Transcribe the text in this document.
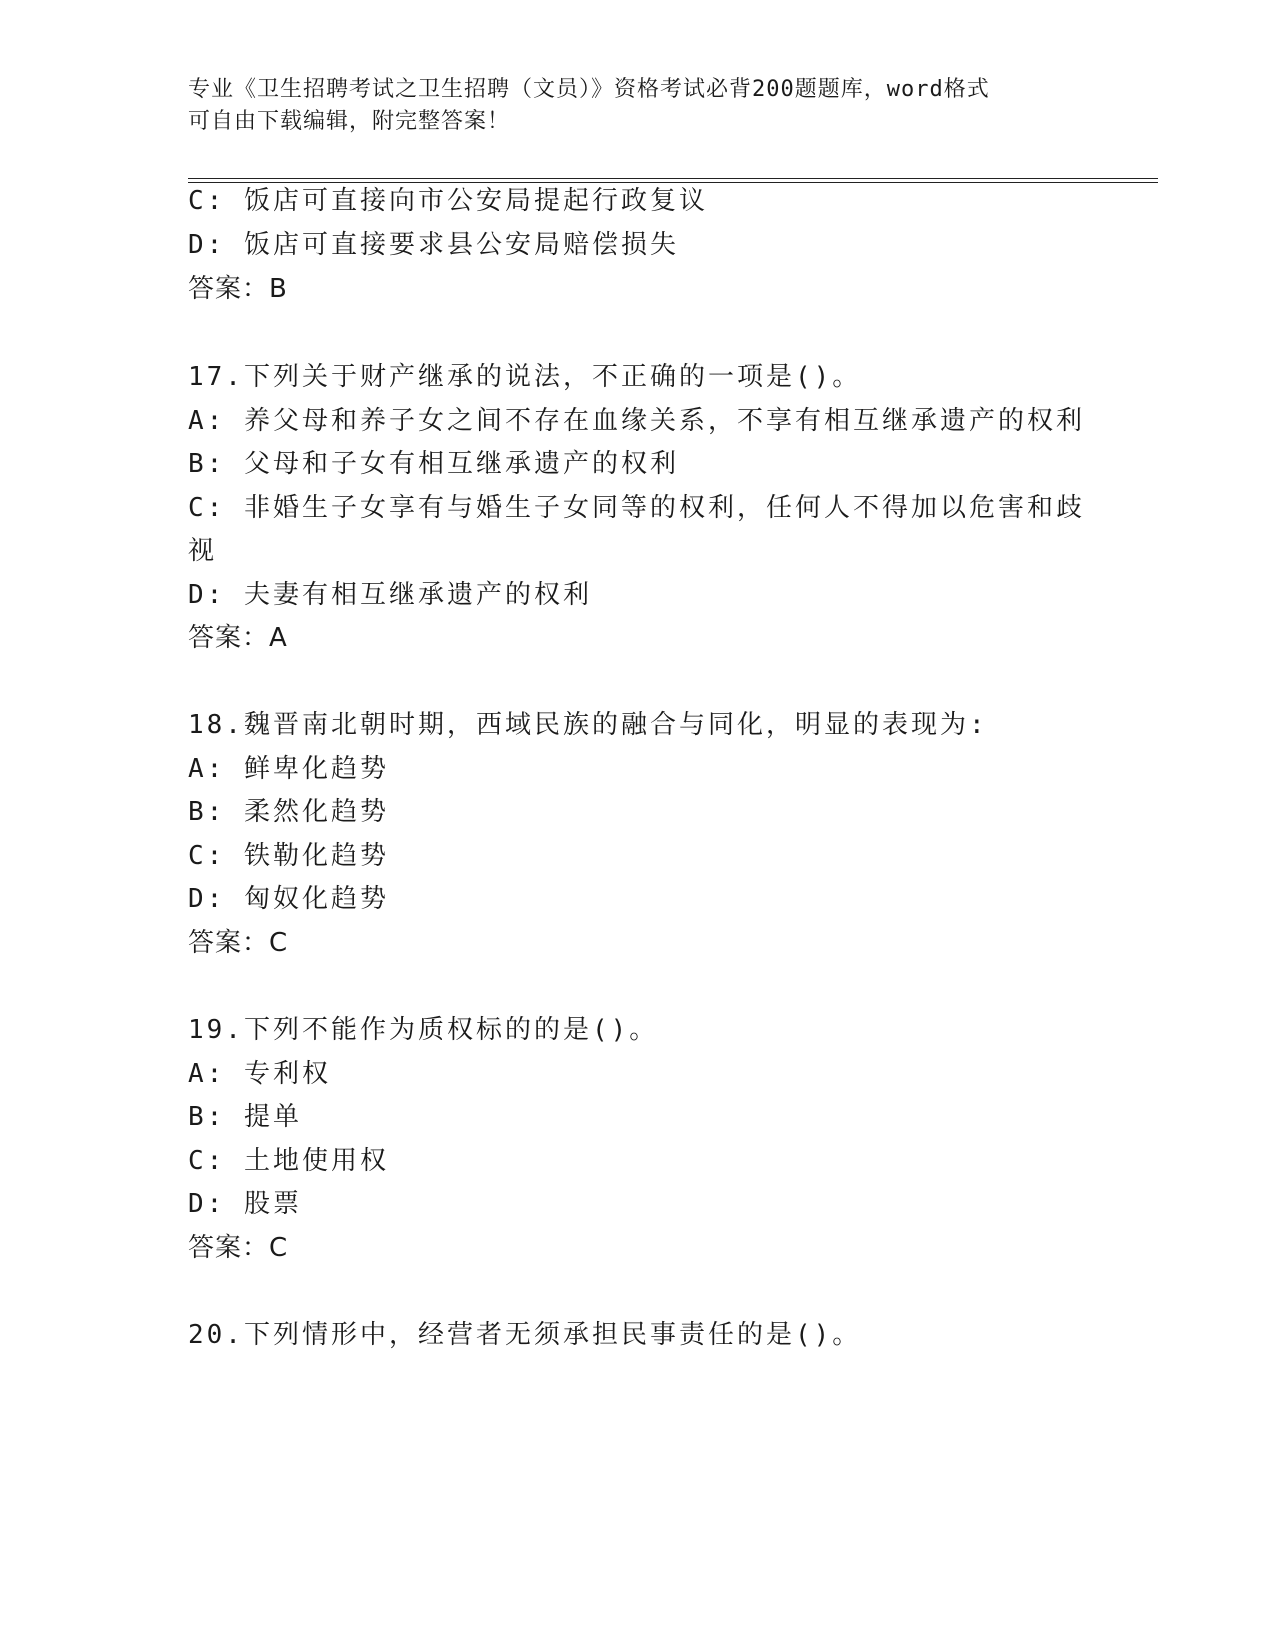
专业《卫生招聘考试之卫生招聘（文员）》资格考试必背200题题库，word格式
可自由下载编辑，附完整答案！
C: 饭店可直接向市公安局提起行政复议
D: 饭店可直接要求县公安局赔偿损失
答案：B
17.下列关于财产继承的说法，不正确的一项是()。
A: 养父母和养子女之间不存在血缘关系，不享有相互继承遗产的权利
B: 父母和子女有相互继承遗产的权利
C: 非婚生子女享有与婚生子女同等的权利，任何人不得加以危害和歧
视
D: 夫妻有相互继承遗产的权利
答案：A
18.魏晋南北朝时期，西域民族的融合与同化，明显的表现为:
A: 鲜卑化趋势
B: 柔然化趋势
C: 铁勒化趋势
D: 匈奴化趋势
答案：C
19.下列不能作为质权标的的是()。
A: 专利权
B: 提单
C: 土地使用权
D: 股票
答案：C
20.下列情形中，经营者无须承担民事责任的是()。
